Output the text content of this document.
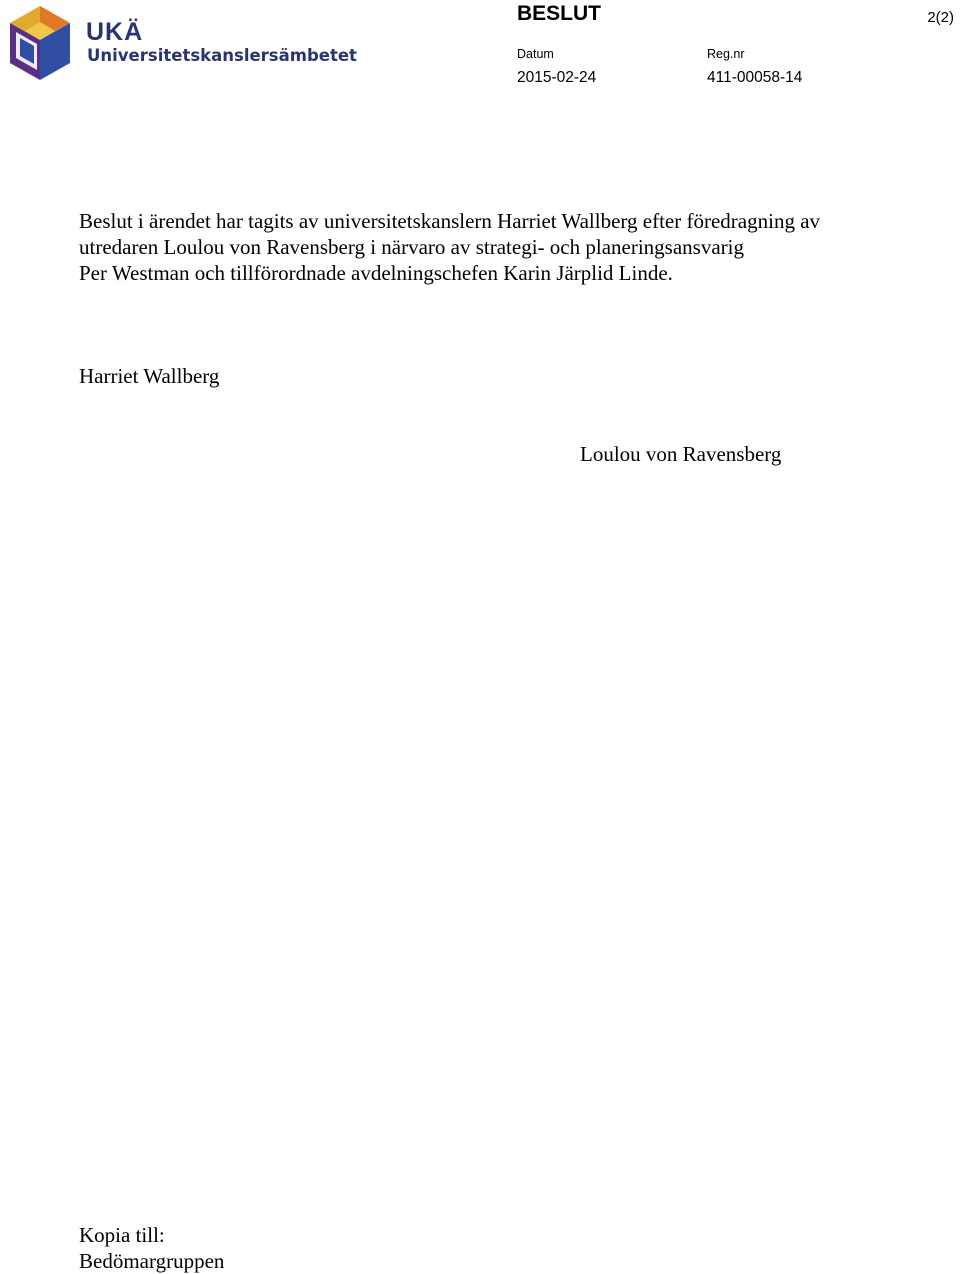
UKÄ
Universitetskanslersämbetet
BESLUT	2(2)
Datum	Reg.nr
2015-02-24	411-00058-14

Beslut i ärendet har tagits av universitetskanslern Harriet Wallberg efter föredragning av
utredaren Loulou von Ravensberg i närvaro av strategi- och planeringsansvarig
Per Westman och tillförordnade avdelningschefen Karin Järplid Linde.

Harriet Wallberg
Loulou von Ravensberg
Kopia till:
Bedömargruppen
